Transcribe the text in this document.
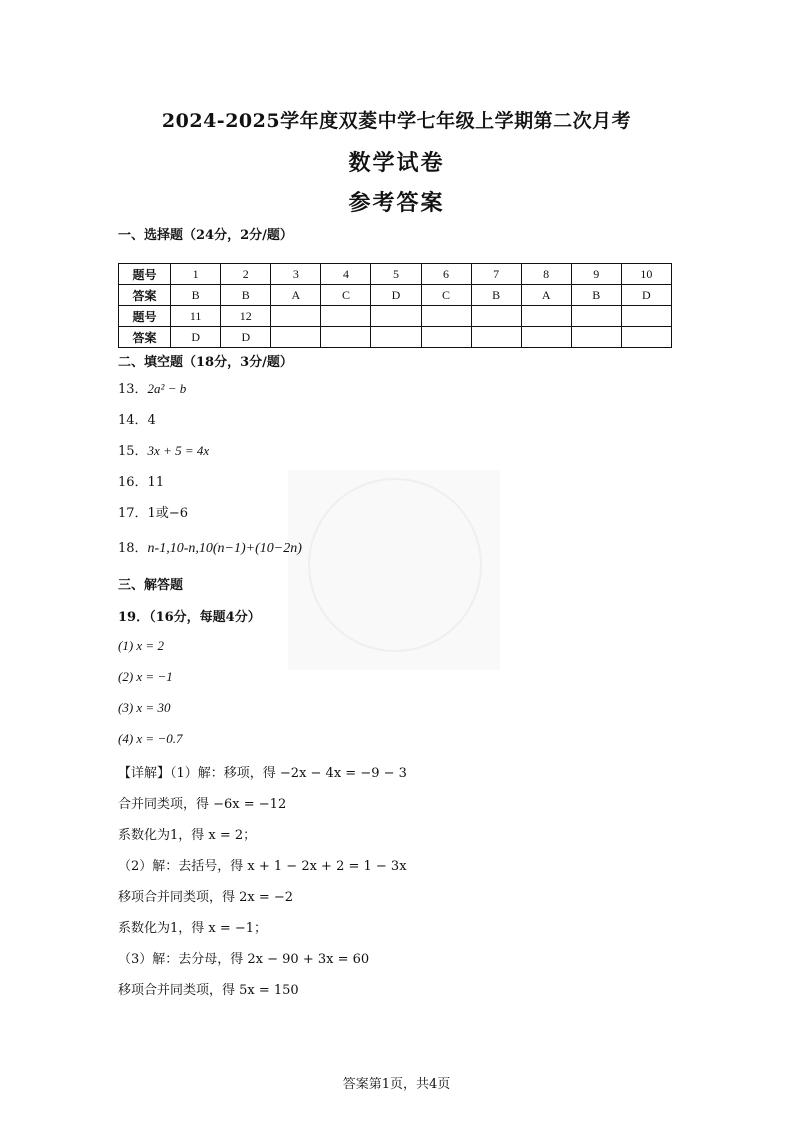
2024-2025学年度双菱中学七年级上学期第二次月考
数学试卷
参考答案
一、选择题（24分，2分/题）
题号	1	2	3	4	5	6	7	8	9	10
答案	B	B	A	C	D	C	B	A	B	D
题号	11	12								
答案	D	D								
二、填空题（18分，3分/题）
13．2a² − b
14．4
15．3x + 5 = 4x
16．11
17．1或−6
18．n-1,10-n,10(n−1)+(10−2n)
三、解答题
19．（16分，每题4分）
(1) x = 2
(2) x = −1
(3) x = 30
(4) x = −0.7
【详解】（1）解：移项，得 −2x − 4x = −9 − 3
合并同类项，得 −6x = −12
系数化为1，得 x = 2；
（2）解：去括号，得 x + 1 − 2x + 2 = 1 − 3x
移项合并同类项，得 2x = −2
系数化为1，得 x = −1；
（3）解：去分母，得 2x − 90 + 3x = 60
移项合并同类项，得 5x = 150
答案第1页，共4页
